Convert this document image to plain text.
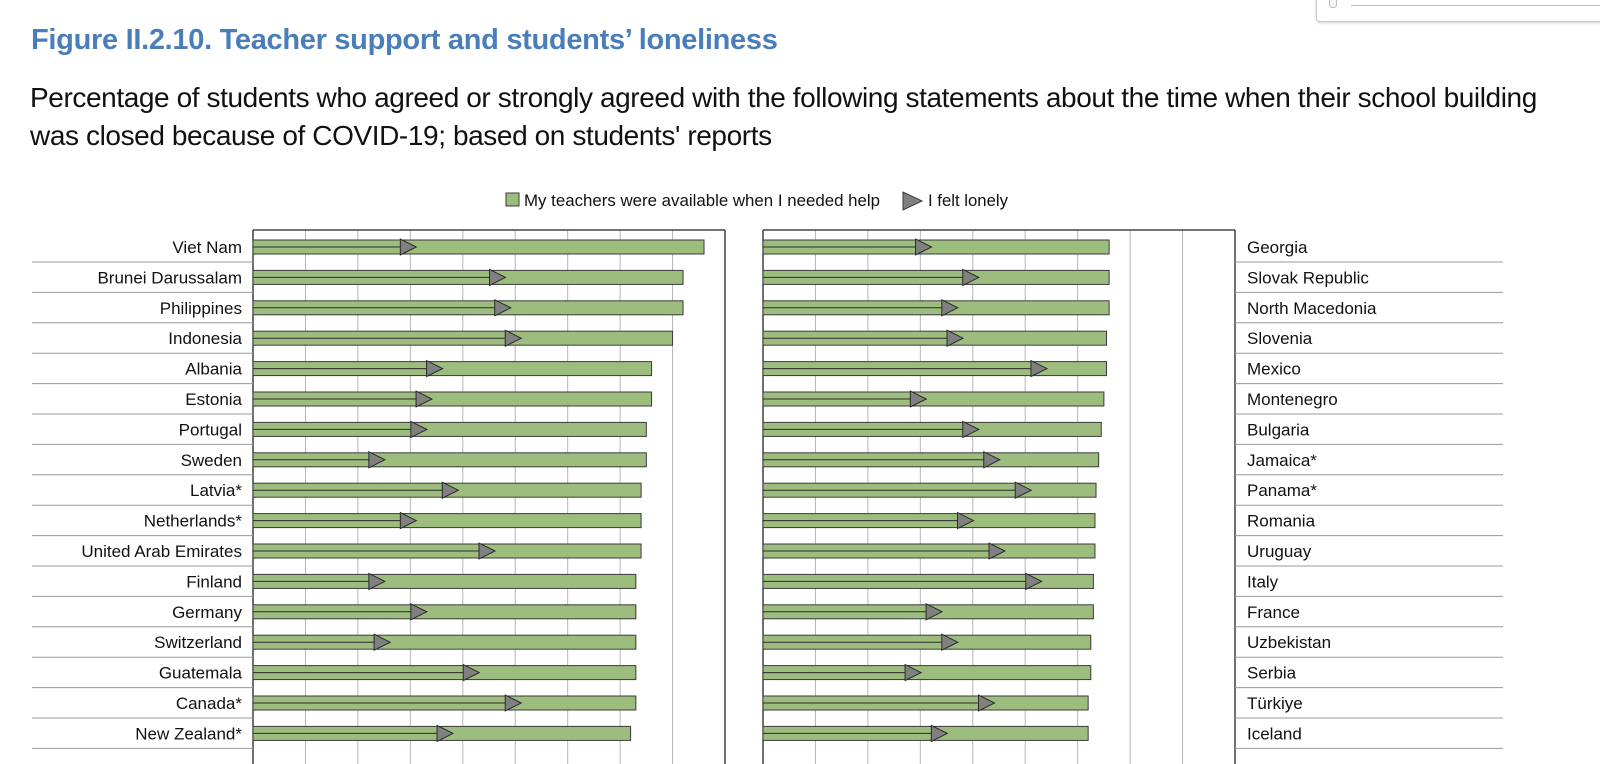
Figure II.2.10. Teacher support and students’ loneliness

Percentage of students who agreed or strongly agreed with the following statements about the time when their school building was closed because of COVID-19; based on students' reports

My teachers were available when I needed help	I felt lonely
Viet Nam
Brunei Darussalam
Philippines
Indonesia
Albania
Estonia
Portugal
Sweden
Latvia*
Netherlands*
United Arab Emirates
Finland
Germany
Switzerland
Guatemala
Canada*
New Zealand*
Georgia
Slovak Republic
North Macedonia
Slovenia
Mexico
Montenegro
Bulgaria
Jamaica*
Panama*
Romania
Uruguay
Italy
France
Uzbekistan
Serbia
Türkiye
Iceland
